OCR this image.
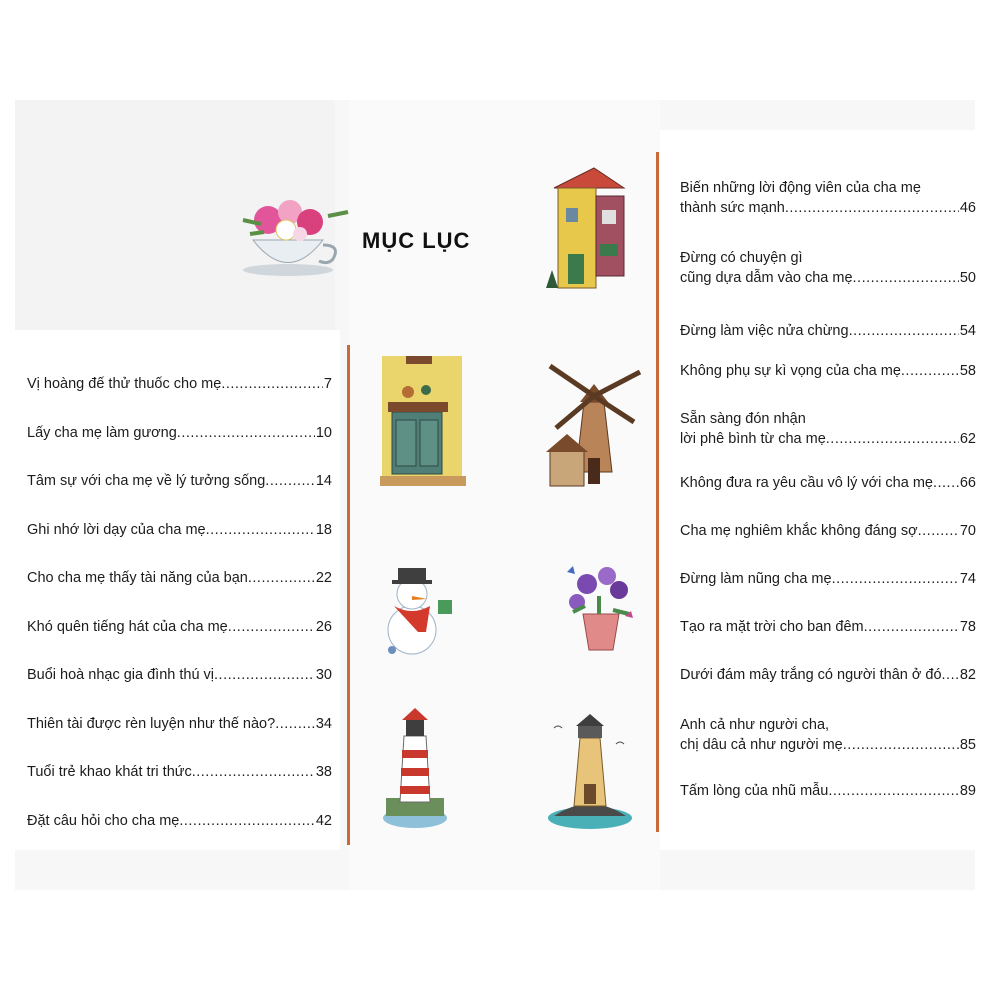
MỤC LỤC
Vị hoàng đế thử thuốc cho mẹ .....	7
Lấy cha mẹ làm gương .....	10
Tâm sự với cha mẹ về lý tưởng sống .....	14
Ghi nhớ lời dạy của cha mẹ .....	18
Cho cha mẹ thấy tài năng của bạn .....	22
Khó quên tiếng hát của cha mẹ .....	26
Buổi hoà nhạc gia đình thú vị .....	30
Thiên tài được rèn luyện như thế nào? .....	34
Tuổi trẻ khao khát tri thức .....	38
Đặt câu hỏi cho cha mẹ .....	42
Biến những lời động viên của cha mẹ
thành sức mạnh .....	46
Đừng có chuyện gì
cũng dựa dẫm vào cha mẹ .....	50
Đừng làm việc nửa chừng .....	54
Không phụ sự kì vọng của cha mẹ .....	58
Sẵn sàng đón nhận
lời phê bình từ cha mẹ .....	62
Không đưa ra yêu cầu vô lý với cha mẹ ..... 66
Cha mẹ nghiêm khắc không đáng sợ .....	70
Đừng làm nũng cha mẹ .....	74
Tạo ra mặt trời cho ban đêm .....	78
Dưới đám mây trắng có người thân ở đó ..... 82
Anh cả như người cha,
chị dâu cả như người mẹ .....	85
Tấm lòng của nhũ mẫu .....	89
